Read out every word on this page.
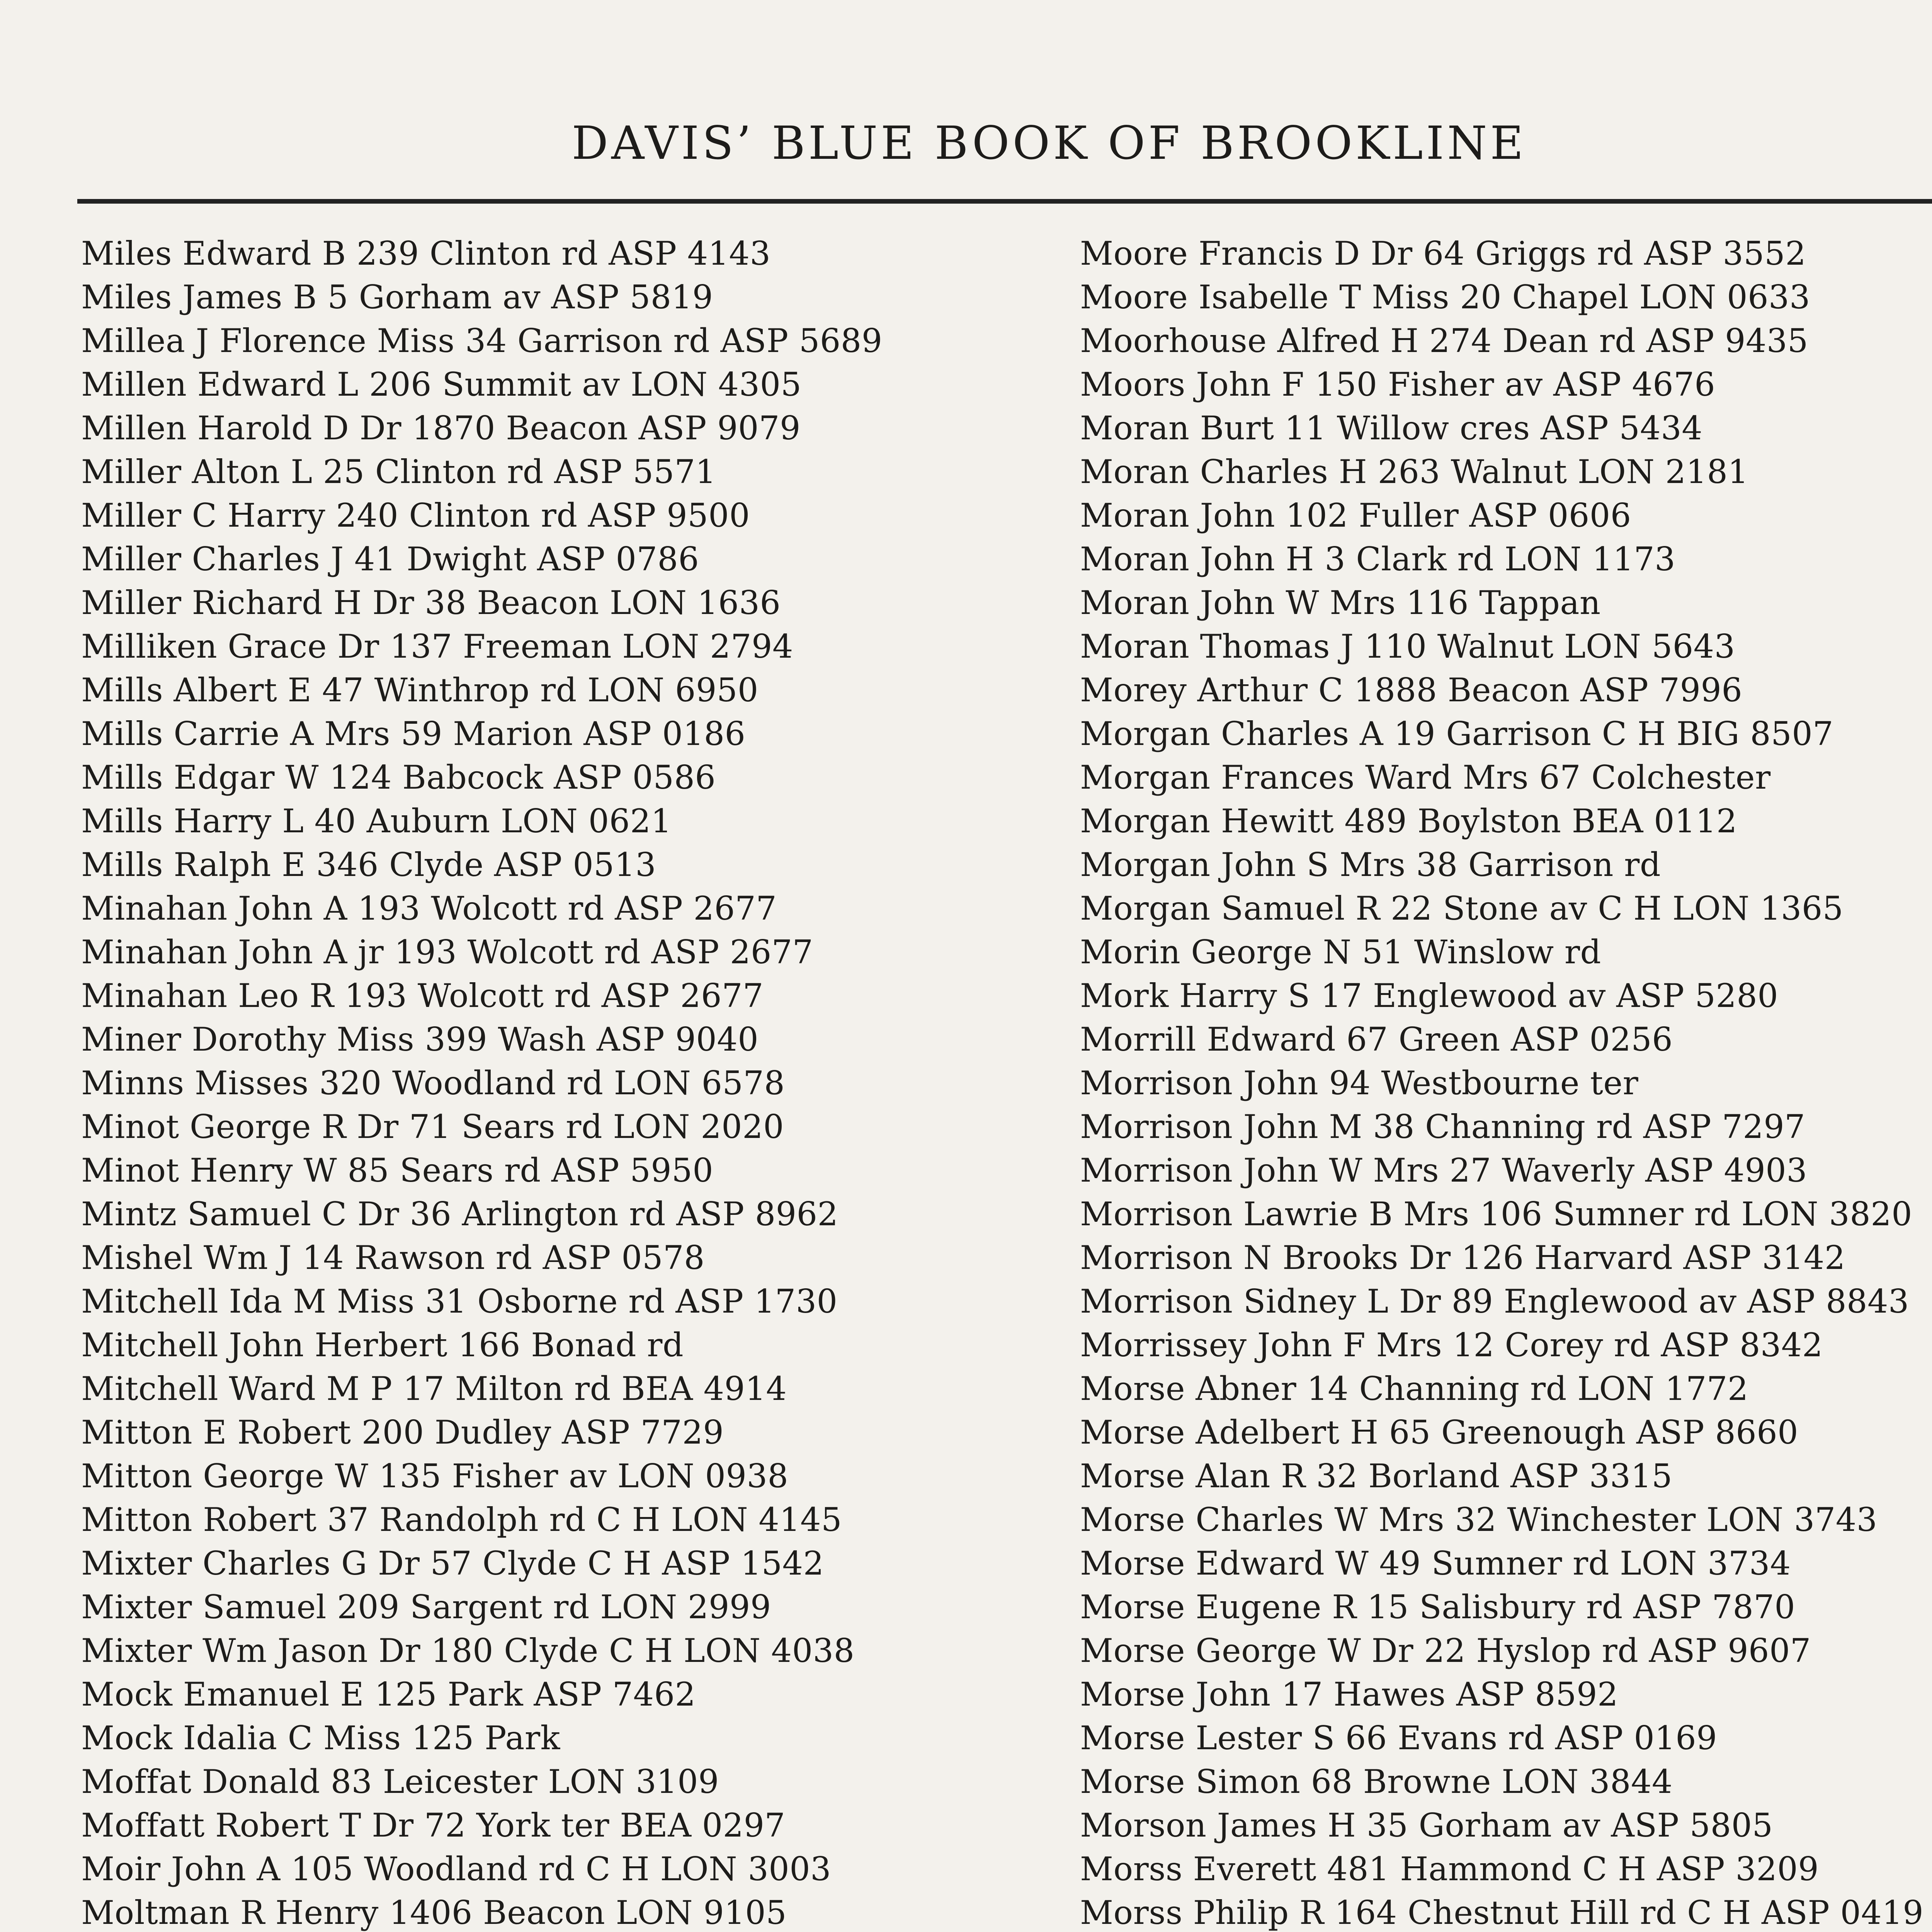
DAVIS’ BLUE BOOK OF BROOKLINE
Miles Edward B 239 Clinton rd ASP 4143
Miles James B 5 Gorham av ASP 5819
Millea J Florence Miss 34 Garrison rd ASP 5689
Millen Edward L 206 Summit av LON 4305
Millen Harold D Dr 1870 Beacon ASP 9079
Miller Alton L 25 Clinton rd ASP 5571
Miller C Harry 240 Clinton rd ASP 9500
Miller Charles J 41 Dwight ASP 0786
Miller Richard H Dr 38 Beacon LON 1636
Milliken Grace Dr 137 Freeman LON 2794
Mills Albert E 47 Winthrop rd LON 6950
Mills Carrie A Mrs 59 Marion ASP 0186
Mills Edgar W 124 Babcock ASP 0586
Mills Harry L 40 Auburn LON 0621
Mills Ralph E 346 Clyde ASP 0513
Minahan John A 193 Wolcott rd ASP 2677
Minahan John A jr 193 Wolcott rd ASP 2677
Minahan Leo R 193 Wolcott rd ASP 2677
Miner Dorothy Miss 399 Wash ASP 9040
Minns Misses 320 Woodland rd LON 6578
Minot George R Dr 71 Sears rd LON 2020
Minot Henry W 85 Sears rd ASP 5950
Mintz Samuel C Dr 36 Arlington rd ASP 8962
Mishel Wm J 14 Rawson rd ASP 0578
Mitchell Ida M Miss 31 Osborne rd ASP 1730
Mitchell John Herbert 166 Bonad rd
Mitchell Ward M P 17 Milton rd BEA 4914
Mitton E Robert 200 Dudley ASP 7729
Mitton George W 135 Fisher av LON 0938
Mitton Robert 37 Randolph rd C H LON 4145
Mixter Charles G Dr 57 Clyde C H ASP 1542
Mixter Samuel 209 Sargent rd LON 2999
Mixter Wm Jason Dr 180 Clyde C H LON 4038
Mock Emanuel E 125 Park ASP 7462
Mock Idalia C Miss 125 Park
Moffat Donald 83 Leicester LON 3109
Moffatt Robert T Dr 72 York ter BEA 0297
Moir John A 105 Woodland rd C H LON 3003
Moltman R Henry 1406 Beacon LON 9105
Moore Francis D Dr 64 Griggs rd ASP 3552
Moore Isabelle T Miss 20 Chapel LON 0633
Moorhouse Alfred H 274 Dean rd ASP 9435
Moors John F 150 Fisher av ASP 4676
Moran Burt 11 Willow cres ASP 5434
Moran Charles H 263 Walnut LON 2181
Moran John 102 Fuller ASP 0606
Moran John H 3 Clark rd LON 1173
Moran John W Mrs 116 Tappan
Moran Thomas J 110 Walnut LON 5643
Morey Arthur C 1888 Beacon ASP 7996
Morgan Charles A 19 Garrison C H BIG 8507
Morgan Frances Ward Mrs 67 Colchester
Morgan Hewitt 489 Boylston BEA 0112
Morgan John S Mrs 38 Garrison rd
Morgan Samuel R 22 Stone av C H LON 1365
Morin George N 51 Winslow rd
Mork Harry S 17 Englewood av ASP 5280
Morrill Edward 67 Green ASP 0256
Morrison John 94 Westbourne ter
Morrison John M 38 Channing rd ASP 7297
Morrison John W Mrs 27 Waverly ASP 4903
Morrison Lawrie B Mrs 106 Sumner rd LON 3820
Morrison N Brooks Dr 126 Harvard ASP 3142
Morrison Sidney L Dr 89 Englewood av ASP 8843
Morrissey John F Mrs 12 Corey rd ASP 8342
Morse Abner 14 Channing rd LON 1772
Morse Adelbert H 65 Greenough ASP 8660
Morse Alan R 32 Borland ASP 3315
Morse Charles W Mrs 32 Winchester LON 3743
Morse Edward W 49 Sumner rd LON 3734
Morse Eugene R 15 Salisbury rd ASP 7870
Morse George W Dr 22 Hyslop rd ASP 9607
Morse John 17 Hawes ASP 8592
Morse Lester S 66 Evans rd ASP 0169
Morse Simon 68 Browne LON 3844
Morson James H 35 Gorham av ASP 5805
Morss Everett 481 Hammond C H ASP 3209
Morss Philip R 164 Chestnut Hill rd C H ASP 0419
